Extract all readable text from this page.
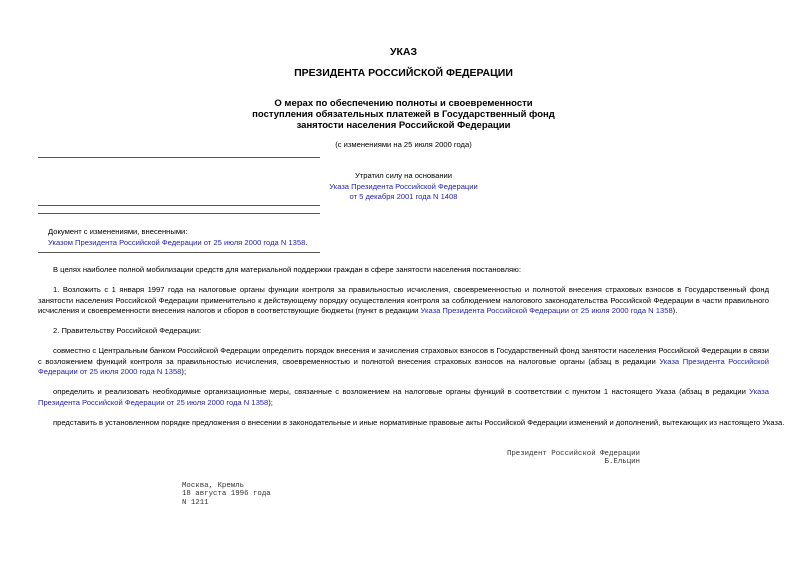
УКАЗ
ПРЕЗИДЕНТА РОССИЙСКОЙ ФЕДЕРАЦИИ
О мерах по обеспечению полноты и своевременности
поступления обязательных платежей в Государственный фонд
занятости населения Российской Федерации
(с изменениями на 25 июля 2000 года)
Утратил силу на основании
Указа Президента Российской Федерации
от 5 декабря 2001 года N 1408
Документ с изменениями, внесенными:
Указом Президента Российской Федерации от 25 июля 2000 года N 1358.
В целях наиболее полной мобилизации средств для материальной поддержки граждан в сфере занятости населения постановляю:
1. Возложить с 1 января 1997 года на налоговые органы функции контроля за правильностью исчисления, своевременностью и полнотой внесения страховых взносов в Государственный фонд занятости населения Российской Федерации применительно к действующему порядку осуществления контроля за соблюдением налогового законодательства Российской Федерации в части правильного исчисления и своевременности внесения налогов и сборов в соответствующие бюджеты (пункт в редакции Указа Президента Российской Федерации от 25 июля 2000 года N 1358).
2. Правительству Российской Федерации:
совместно с Центральным банком Российской Федерации определить порядок внесения и зачисления страховых взносов в Государственный фонд занятости населения Российской Федерации в связи с возложением функций контроля за правильностью исчисления, своевременностью и полнотой внесения страховых взносов на налоговые органы (абзац в редакции Указа Президента Российской Федерации от 25 июля 2000 года N 1358);
определить и реализовать необходимые организационные меры, связанные с возложением на налоговые органы функций в соответствии с пунктом 1 настоящего Указа (абзац в редакции Указа Президента Российской Федерации от 25 июля 2000 года N 1358);
представить в установленном порядке предложения о внесении в законодательные и иные нормативные правовые акты Российской Федерации изменений и дополнений, вытекающих из настоящего Указа.
Президент Российской Федерации
Б.Ельцин
Москва, Кремль
18 августа 1996 года
N 1211
